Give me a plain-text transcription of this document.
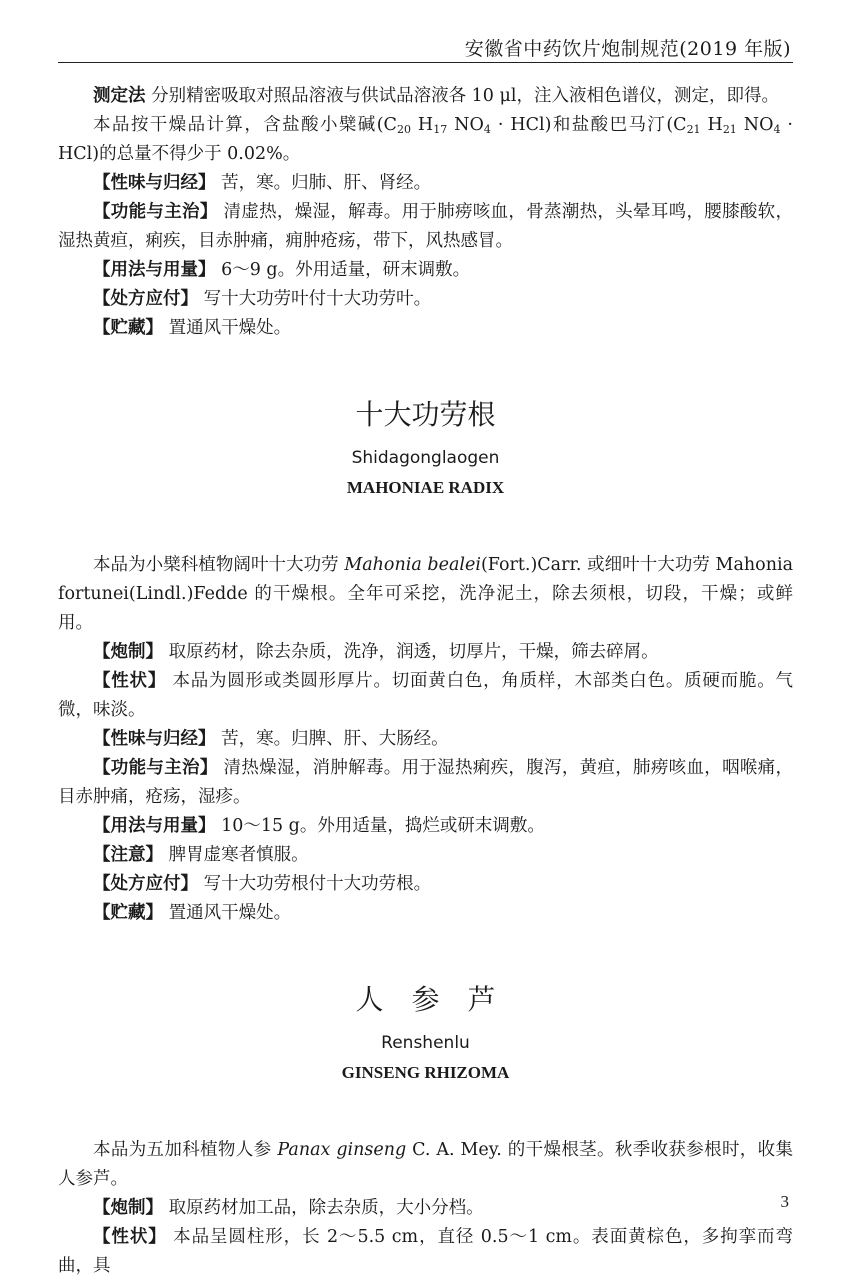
安徽省中药饮片炮制规范(2019 年版)

测定法 分别精密吸取对照品溶液与供试品溶液各 10 μl，注入液相色谱仪，测定，即得。

本品按干燥品计算，含盐酸小檗碱($C_{20}$ $H_{17}$ $NO_4 \cdot HCl$)和盐酸巴马汀($C_{21}$ $H_{21}$ $NO_4 \cdot HCl$)的总量不得少于 0.02%。

【性味与归经】 苦，寒。归肺、肝、肾经。

【功能与主治】 清虚热，燥湿，解毒。用于肺痨咳血，骨蒸潮热，头晕耳鸣，腰膝酸软，湿热黄疸，痢疾，目赤肿痛，痈肿疮疡，带下，风热感冒。

【用法与用量】 6～9 g。外用适量，研末调敷。

【处方应付】 写十大功劳叶付十大功劳叶。

【贮藏】 置通风干燥处。

十大功劳根
Shidagonglaogen
MAHONIAE RADIX

本品为小檗科植物阔叶十大功劳 Mahonia bealei(Fort.)Carr. 或细叶十大功劳 Mahonia fortunei(Lindl.)Fedde 的干燥根。全年可采挖，洗净泥土，除去须根，切段，干燥；或鲜用。

【炮制】 取原药材，除去杂质，洗净，润透，切厚片，干燥，筛去碎屑。

【性状】 本品为圆形或类圆形厚片。切面黄白色，角质样，木部类白色。质硬而脆。气微，味淡。

【性味与归经】 苦，寒。归脾、肝、大肠经。

【功能与主治】 清热燥湿，消肿解毒。用于湿热痢疾，腹泻，黄疸，肺痨咳血，咽喉痛，目赤肿痛，疮疡，湿疹。

【用法与用量】 10～15 g。外用适量，捣烂或研末调敷。

【注意】 脾胃虚寒者慎服。

【处方应付】 写十大功劳根付十大功劳根。

【贮藏】 置通风干燥处。

人参芦
Renshenlu
GINSENG RHIZOMA

本品为五加科植物人参 Panax ginseng C. A. Mey. 的干燥根茎。秋季收获参根时，收集人参芦。

【炮制】 取原药材加工品，除去杂质，大小分档。

【性状】 本品呈圆柱形，长 2～5.5 cm，直径 0.5～1 cm。表面黄棕色，多拘挛而弯曲，具

3
